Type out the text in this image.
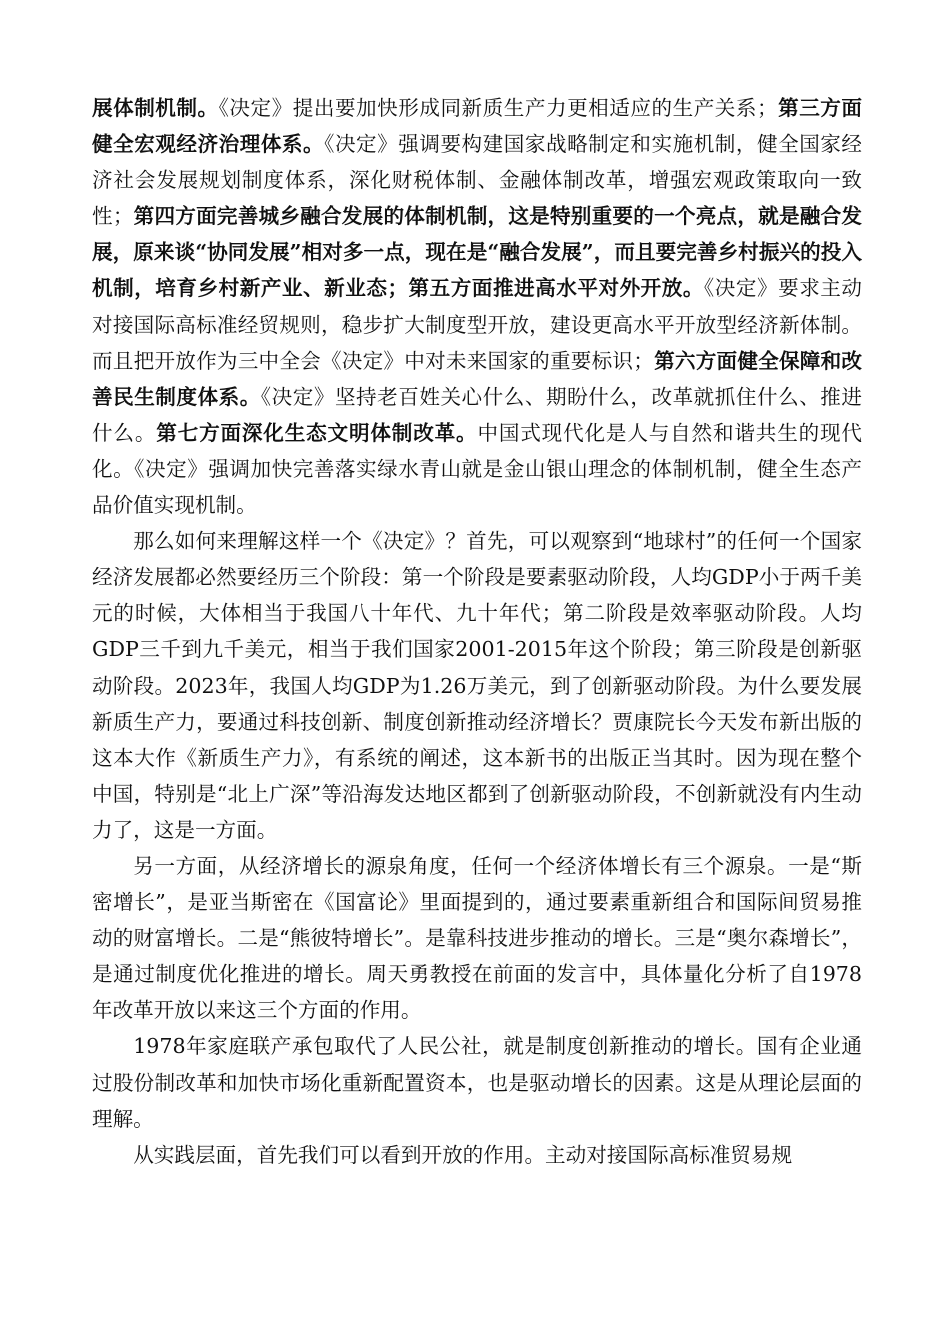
展体制机制。《决定》提出要加快形成同新质生产力更相适应的生产关系；第三方面健全宏观经济治理体系。《决定》强调要构建国家战略制定和实施机制，健全国家经济社会发展规划制度体系，深化财税体制、金融体制改革，增强宏观政策取向一致性；第四方面完善城乡融合发展的体制机制，这是特别重要的一个亮点，就是融合发展，原来谈“协同发展”相对多一点，现在是“融合发展”，而且要完善乡村振兴的投入机制，培育乡村新产业、新业态；第五方面推进高水平对外开放。《决定》要求主动对接国际高标准经贸规则，稳步扩大制度型开放，建设更高水平开放型经济新体制。而且把开放作为三中全会《决定》中对未来国家的重要标识；第六方面健全保障和改善民生制度体系。《决定》坚持老百姓关心什么、期盼什么，改革就抓住什么、推进什么。第七方面深化生态文明体制改革。中国式现代化是人与自然和谐共生的现代化。《决定》强调加快完善落实绿水青山就是金山银山理念的体制机制，健全生态产品价值实现机制。

那么如何来理解这样一个《决定》？首先，可以观察到“地球村”的任何一个国家经济发展都必然要经历三个阶段：第一个阶段是要素驱动阶段，人均GDP小于两千美元的时候，大体相当于我国八十年代、九十年代；第二阶段是效率驱动阶段。人均GDP三千到九千美元，相当于我们国家2001-2015年这个阶段；第三阶段是创新驱动阶段。2023年，我国人均GDP为1.26万美元，到了创新驱动阶段。为什么要发展新质生产力，要通过科技创新、制度创新推动经济增长？贾康院长今天发布新出版的这本大作《新质生产力》，有系统的阐述，这本新书的出版正当其时。因为现在整个中国，特别是“北上广深”等沿海发达地区都到了创新驱动阶段，不创新就没有内生动力了，这是一方面。

另一方面，从经济增长的源泉角度，任何一个经济体增长有三个源泉。一是“斯密增长”，是亚当斯密在《国富论》里面提到的，通过要素重新组合和国际间贸易推动的财富增长。二是“熊彼特增长”。是靠科技进步推动的增长。三是“奥尔森增长”，是通过制度优化推进的增长。周天勇教授在前面的发言中，具体量化分析了自1978年改革开放以来这三个方面的作用。

1978年家庭联产承包取代了人民公社，就是制度创新推动的增长。国有企业通过股份制改革和加快市场化重新配置资本，也是驱动增长的因素。这是从理论层面的理解。

从实践层面，首先我们可以看到开放的作用。主动对接国际高标准贸易规
